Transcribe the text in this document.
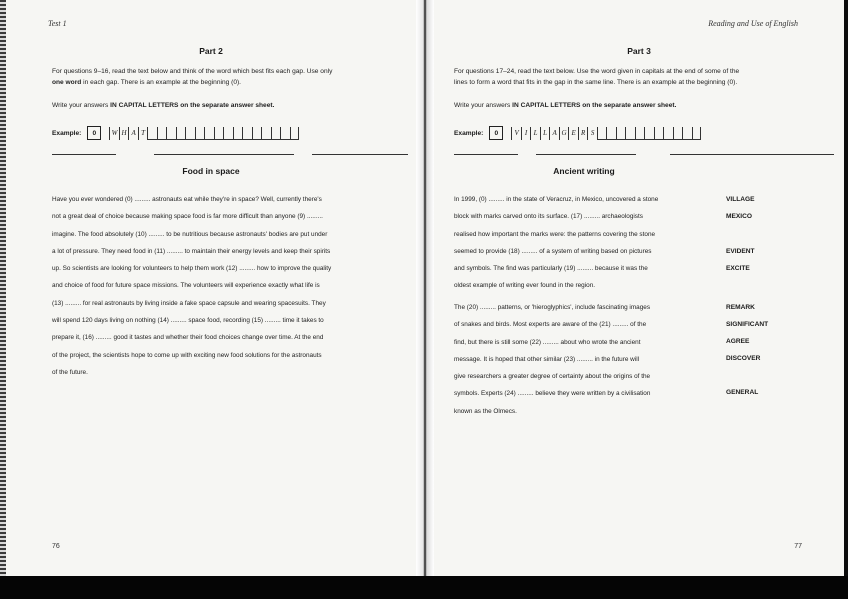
Test 1
Part 2
For questions 9–16, read the text below and think of the word which best fits each gap. Use only
one word in each gap. There is an example at the beginning (0).
Write your answers IN CAPITAL LETTERS on the separate answer sheet.
Example:	0	W H A T
Food in space
Have you ever wondered (0) ......... astronauts eat while they're in space? Well, currently there's
not a great deal of choice because making space food is far more difficult than anyone (9) .........
imagine. The food absolutely (10) ......... to be nutritious because astronauts' bodies are put under
a lot of pressure. They need food in (11) ......... to maintain their energy levels and keep their spirits
up. So scientists are looking for volunteers to help them work (12) ......... how to improve the quality
and choice of food for future space missions. The volunteers will experience exactly what life is
(13) ......... for real astronauts by living inside a fake space capsule and wearing spacesuits. They
will spend 120 days living on nothing (14) ......... space food, recording (15) ......... time it takes to
prepare it, (16) ......... good it tastes and whether their food choices change over time. At the end
of the project, the scientists hope to come up with exciting new food solutions for the astronauts
of the future.
76
Reading and Use of English
Part 3
For questions 17–24, read the text below. Use the word given in capitals at the end of some of the
lines to form a word that fits in the gap in the same line. There is an example at the beginning (0).
Write your answers IN CAPITAL LETTERS on the separate answer sheet.
Example:	0	V I L L A G E R S
Ancient writing
In 1999, (0) ......... in the state of Veracruz, in Mexico, uncovered a stone
block with marks carved onto its surface. (17) ......... archaeologists
realised how important the marks were: the patterns covering the stone
seemed to provide (18) ......... of a system of writing based on pictures
and symbols. The find was particularly (19) ......... because it was the
oldest example of writing ever found in the region.
The (20) ......... patterns, or 'hieroglyphics', include fascinating images
of snakes and birds. Most experts are aware of the (21) ......... of the
find, but there is still some (22) ......... about who wrote the ancient
message. It is hoped that other similar (23) ......... in the future will
give researchers a greater degree of certainty about the origins of the
symbols. Experts (24) ......... believe they were written by a civilisation
known as the Olmecs.
VILLAGE
MEXICO
EVIDENT
EXCITE
REMARK
SIGNIFICANT
AGREE
DISCOVER
GENERAL
77
